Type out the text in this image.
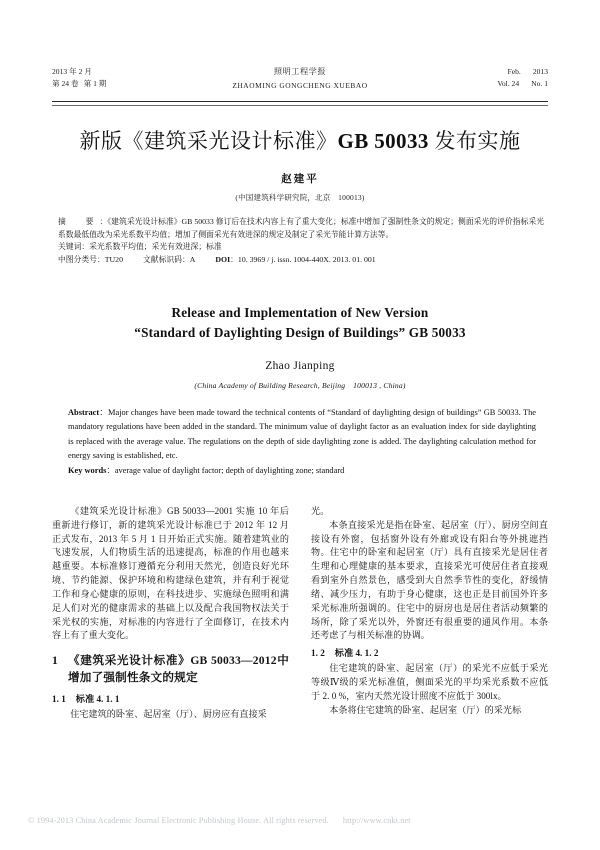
2013 年 2 月
第 24 卷 第 1 期
照明工程学报
ZHAOMING GONGCHENG XUEBAO
Feb. 2013
Vol. 24 No. 1
新版《建筑采光设计标准》GB 50033 发布实施
赵建平
(中国建筑科学研究院，北京　100013)

摘　要：《建筑采光设计标准》GB 50033 修订后在技术内容上有了重大变化；标准中增加了强制性条文的规定；侧面采光的评价指标采光系数最低值改为采光系数平均值；增加了侧面采光有效进深的规定及制定了采光节能计算方法等。

关键词：采光系数平均值；采光有效进深；标准

中图分类号：TU20	文献标识码：A	DOI：10. 3969 / j. issn. 1004-440X. 2013. 01. 001

Release and Implementation of New Version
“Standard of Daylighting Design of Buildings” GB 50033
Zhao Jianping
(China Academy of Building Research, Beijing　100013 , China)

Abstract：Major changes have been made toward the technical contents of “Standard of daylighting design of buildings” GB 50033. The mandatory regulations have been added in the standard. The minimum value of daylight factor as an evaluation index for side daylighting is replaced with the average value. The regulations on the depth of side daylighting zone is added. The daylighting calculation method for energy saving is established, etc.

Key words：average value of daylight factor; depth of daylighting zone; standard

《建筑采光设计标准》GB 50033—2001 实施 10 年后重新进行修订，新的建筑采光设计标准已于 2012 年 12 月正式发布，2013 年 5 月 1 日开始正式实施。随着建筑业的飞速发展，人们物质生活的迅速提高，标准的作用也越来越重要。本标准修订遵循充分利用天然光，创造良好光环境、节约能源、保护环境和构建绿色建筑，并有利于视觉工作和身心健康的原则，在科技进步、实施绿色照明和满足人们对光的健康需求的基础上以及配合我国物权法关于采光权的实施，对标准的内容进行了全面修订，在技术内容上有了重大变化。

1 《建筑采光设计标准》GB 50033—2012中增加了强制性条文的规定
1. 1 标准 4. 1. 1

住宅建筑的卧室、起居室（厅）、厨房应有直接采

光。

本条直接采光是指在卧室、起居室（厅）、厨房空间直接设有外窗，包括窗外设有外廊或设有阳台等外挑遮挡物。住宅中的卧室和起居室（厅）具有直接采光是居住者生理和心理健康的基本要求，直接采光可使居住者直接观看到室外自然景色，感受到大自然季节性的变化，舒缓情绪、减少压力，有助于身心健康，这也正是目前国外许多采光标准所强调的。住宅中的厨房也是居住者活动频繁的场所，除了采光以外，外窗还有很重要的通风作用。本条还考虑了与相关标准的协调。

1. 2 标准 4. 1. 2

住宅建筑的卧室、起居室（厅）的采光不应低于采光等级Ⅳ级的采光标准值，侧面采光的平均采光系数不应低于 2. 0 %，室内天然光设计照度不应低于 300lx。

本条将住宅建筑的卧室、起居室（厅）的采光标

© 1994-2013 China Academic Journal Electronic Publishing House. All rights reserved. http://www.cnki.net
